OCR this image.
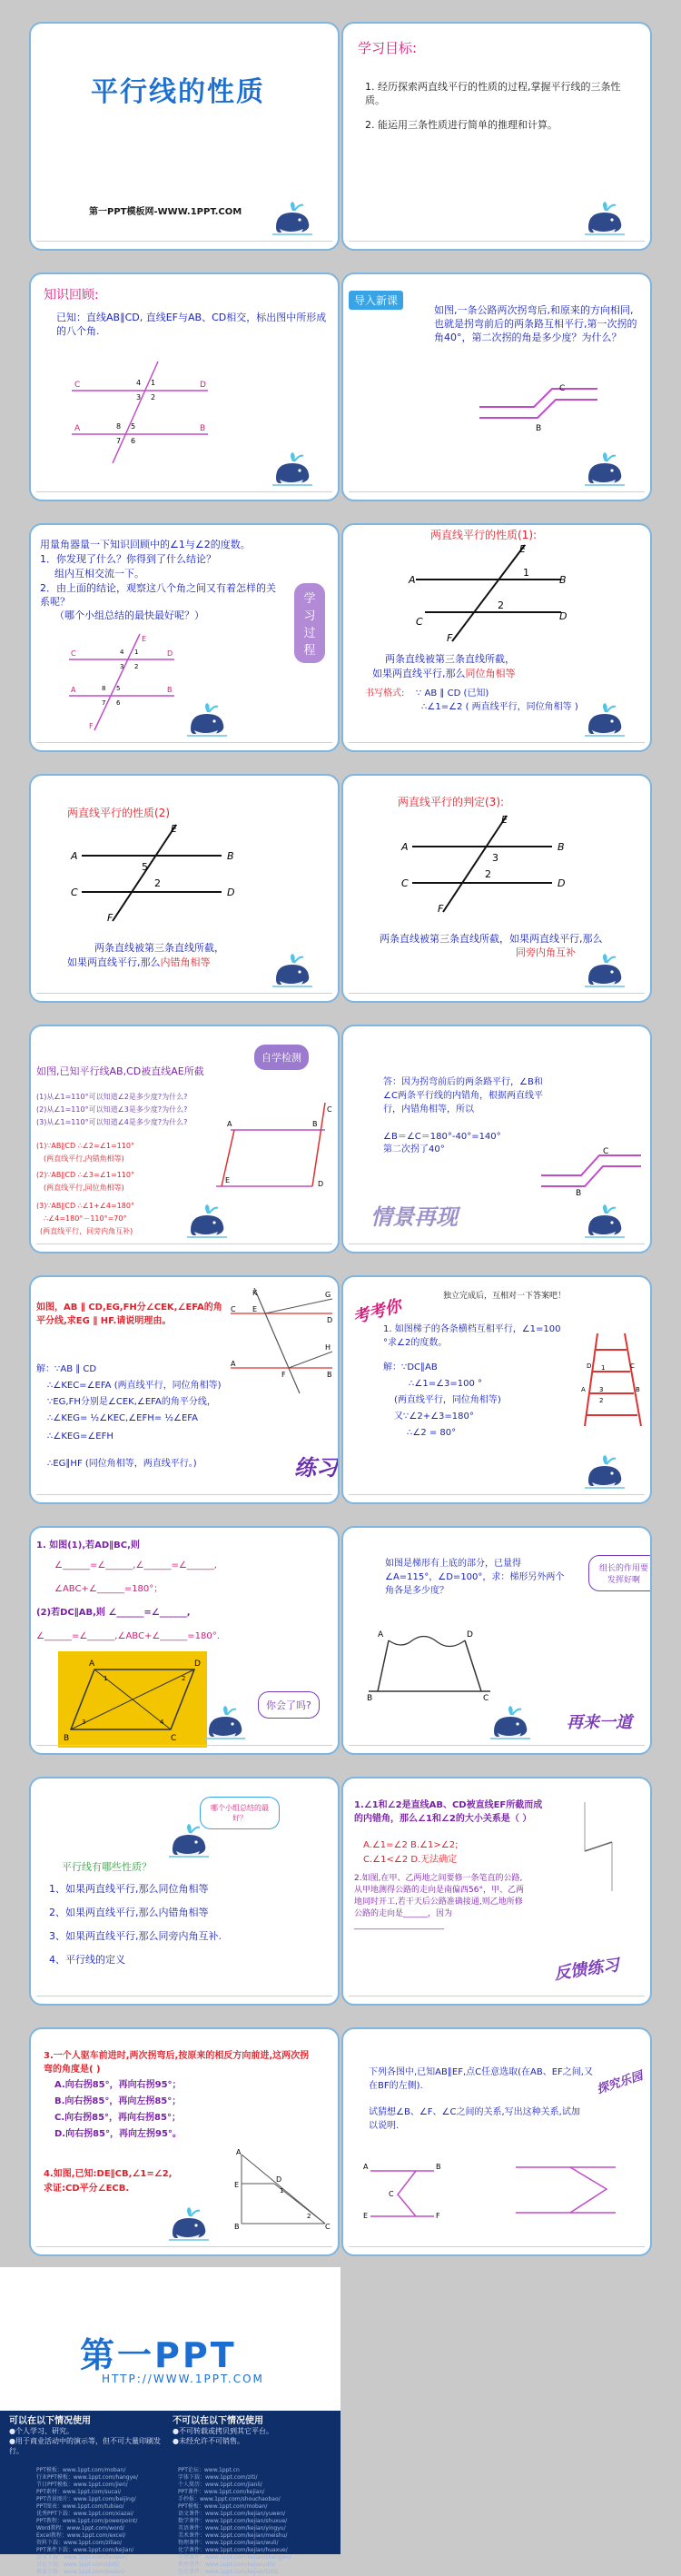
平行线的性质
第一PPT模板网-WWW.1PPT.COM
学习目标:
1. 经历探索两直线平行的性质的过程,掌握平行线的三条性质。
2. 能运用三条性质进行简单的推理和计算。
知识回顾:
已知：直线AB∥CD, 直线EF与AB、CD相交，标出图中所形成的八个角.
C	D
A	B
1
2
3
4
5
6
7
8
导入新课
如图,一条公路两次拐弯后,和原来的方向相同,也就是拐弯前后的两条路互相平行,第一次拐的角40°，第二次拐的角是多少度？为什么？
C
B
用量角器量一下知识回顾中的∠1与∠2的度数。
1．你发现了什么？你得到了什么结论？
组内互相交流一下。
2．由上面的结论，观察这八个角之间又有着怎样的关系呢？
（哪个小组总结的最快最好呢？）
学习过程
E
C	D
A	B
F
1
2
3
4
5
6
7
8
两直线平行的性质(1):
E
1
A	B
2
C	D
F
两条直线被第三条直线所截，
如果两直线平行,那么同位角相等
书写格式: ∵ AB ∥ CD (已知)
∴∠1=∠2 ( 两直线平行，同位角相等 )
两直线平行的性质(2)
E
A	B
5
2
C	D
F
两条直线被第三条直线所截，
如果两直线平行,那么内错角相等
两直线平行的判定(3):
E
A	B
3
C
2
D
F
两条直线被第三条直线所截，如果两直线平行,那么
同旁内角互补
如图,已知平行线AB,CD被直线AE所截
自学检测
(1)从∠1=110°可以知道∠2是多少度?为什么?
(2)从∠1=110°可以知道∠3是多少度?为什么?
(3)从∠1=110°可以知道∠4是多少度?为什么?
(1)∵AB∥CD ∴∠2=∠1=110°
(两直线平行,内错角相等)
(2)∵AB∥CD ∴∠3=∠1=110°
(两直线平行,同位角相等)
(3)∵AB∥CD ∴∠1+∠4=180°
∴∠4=180°－110°=70°
(两直线平行，同旁内角互补)
A	B
C
D
E
答：因为拐弯前后的两条路平行，∠B和∠C两条平行线的内错角，根据两直线平行，内错角相等，所以
∠B＝∠C＝180°-40°=140°
第二次拐了40°	C
B
情景再现
如图，AB ∥ CD,EG,FH分∠CEK,∠EFA的角平分线,求EG ∥ HF.请说明理由。
解：∵AB ∥ CD
∴∠KEC=∠EFA (两直线平行，同位角相等)
∵EG,FH分别是∠CEK,∠EFA的角平分线，
∴∠KEG= ½∠KEC,∠EFH= ½∠EFA
∴∠KEG=∠EFH
∴EG∥HF (同位角相等，两直线平行。)	练习
K
E
G
C
D
H
A
B
F
考考你
独立完成后，互相对一下答案吧！
1. 如图梯子的各条横档互相平行，∠1=100 °求∠2的度数。
解：∵DC∥AB
∴∠1=∠3=100 °
(两直线平行，同位角相等)
又∵∠2+∠3=180°
∴∠2 = 80°
D	C
1
3
2
A	B
1. 如图(1),若AD∥BC,则
∠______=∠______,∠______=∠______,
∠ABC+∠______=180°；
(2)若DC∥AB,则 ∠______=∠______,
∠______=∠______,∠ABC+∠______=180°.
A	D
B	C
1	2
3	4
你会了吗?
如图是梯形有上底的部分，已量得∠A=115°，∠D=100°，求：梯形另外两个角各是多少度？
组长的作用要发挥好啊
A	D
B	C
再来一道
哪个小组总结的最好？
平行线有哪些性质？
1、如果两直线平行,那么同位角相等
2、如果两直线平行,那么内错角相等
3、如果两直线平行,那么同旁内角互补.
4、平行线的定义
1.∠1和∠2是直线AB、CD被直线EF所截而成的内错角，那么∠1和∠2的大小关系是（ ）
A.∠1=∠2 B.∠1>∠2;
C.∠1<∠2 D.无法确定
2.如图,在甲、乙两地之间要修一条笔直的公路,从甲地测得公路的走向是南偏西56°，甲、乙两地同时开工,若干天后公路准确接通,则乙地所修公路的走向是______，因为______________________
反馈练习
3.一个人驱车前进时,两次拐弯后,按原来的相反方向前进,这两次拐弯的角度是( )
A.向右拐85°，再向右拐95°；
B.向右拐85°，再向左拐85°；
C.向右拐85°，再向右拐85°；
D.向右拐85°，再向左拐95°。
4.如图,已知:DE∥CB,∠1=∠2,
求证:CD平分∠ECB.
A
E
D
1
2
B	C
下列各图中,已知AB∥EF,点C任意选取(在AB、EF之间,又在BF的左侧).	探究乐园
试猜想∠B、∠F、∠C之间的关系,写出这种关系,试加以说明.
A	B
C
E	F
第一PPT
HTTP://WWW.1PPT.COM
可以在以下情况使用
●个人学习、研究。
●用于商业活动中的演示等，但不可大量印刷发行。
不可以在以下情况使用
●不可转载或拷贝到其它平台。
●未经允许不可销售。
PPT模板：www.1ppt.com/moban/
行业PPT模板：www.1ppt.com/hangye/
节日PPT模板：www.1ppt.com/jieri/
PPT素材：www.1ppt.com/sucai/
PPT背景图片：www.1ppt.com/beijing/
PPT图表：www.1ppt.com/tubiao/
优秀PPT下载：www.1ppt.com/xiazai/
PPT教程：www.1ppt.com/powerpoint/
Word教程：www.1ppt.com/word/
Excel教程：www.1ppt.com/excel/
资料下载：www.1ppt.com/ziliao/
PPT课件下载：www.1ppt.com/kejian/
范文下载：www.1ppt.com/fanwen/
试卷下载：www.1ppt.com/shiti/
教案下载：www.1ppt.com/jiaoan/
PPT论坛：www.1ppt.cn
字体下载：www.1ppt.com/ziti/
个人简历：www.1ppt.com/jianli/
PPT课件：www.1ppt.com/kejian/
手抄报：www.1ppt.com/shouchaobao/
PPT模板：www.1ppt.com/moban/
语文课件：www.1ppt.com/kejian/yuwen/
数学课件：www.1ppt.com/kejian/shuxue/
英语课件：www.1ppt.com/kejian/yingyu/
美术课件：www.1ppt.com/kejian/meishu/
物理课件：www.1ppt.com/kejian/wuli/
化学课件：www.1ppt.com/kejian/huaxue/
生物课件：www.1ppt.com/kejian/shengwu/
地理课件：www.1ppt.com/kejian/dili/
历史课件：www.1ppt.com/kejian/lishi/
